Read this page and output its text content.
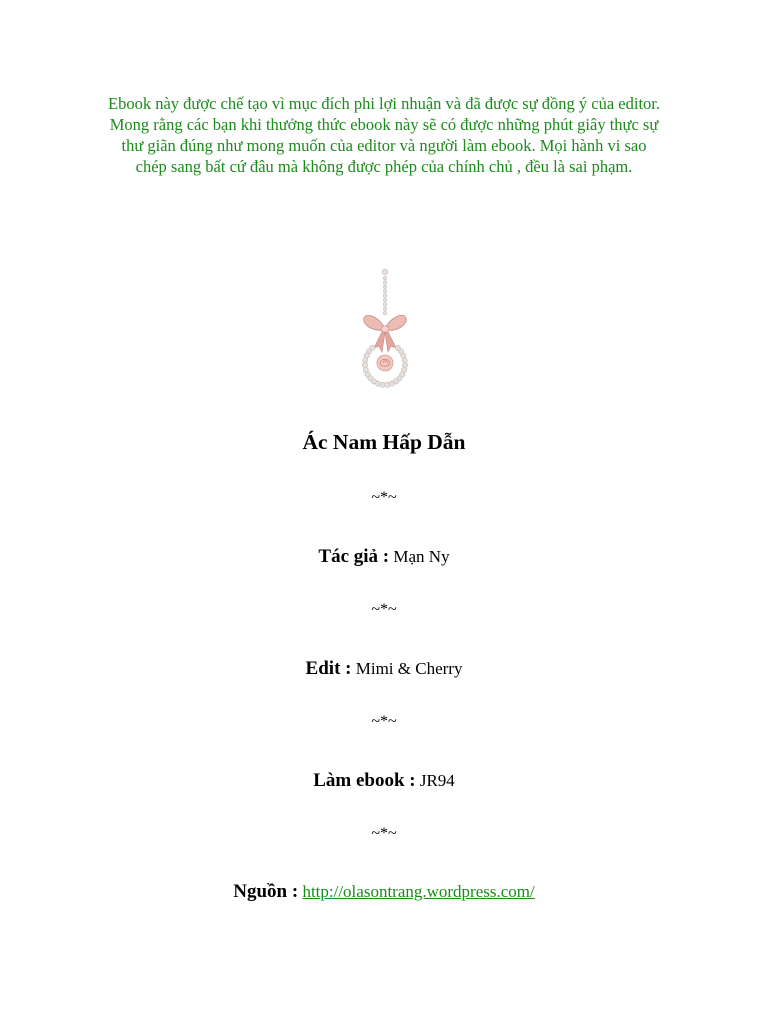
Ebook này được chế tạo vì mục đích phi lợi nhuận và đã được sự đồng ý của editor. Mong rằng các bạn khi thưởng thức ebook này sẽ có được những phút giây thực sự thư giãn đúng như mong muốn của editor và người làm ebook. Mọi hành vi sao chép sang bất cứ đâu mà không được phép của chính chủ , đều là sai phạm.

Ác Nam Hấp Dẫn
~*~
Tác giả : Mạn Ny
~*~
Edit : Mimi & Cherry
~*~
Làm ebook : JR94
~*~
Nguồn : http://olasontrang.wordpress.com/
